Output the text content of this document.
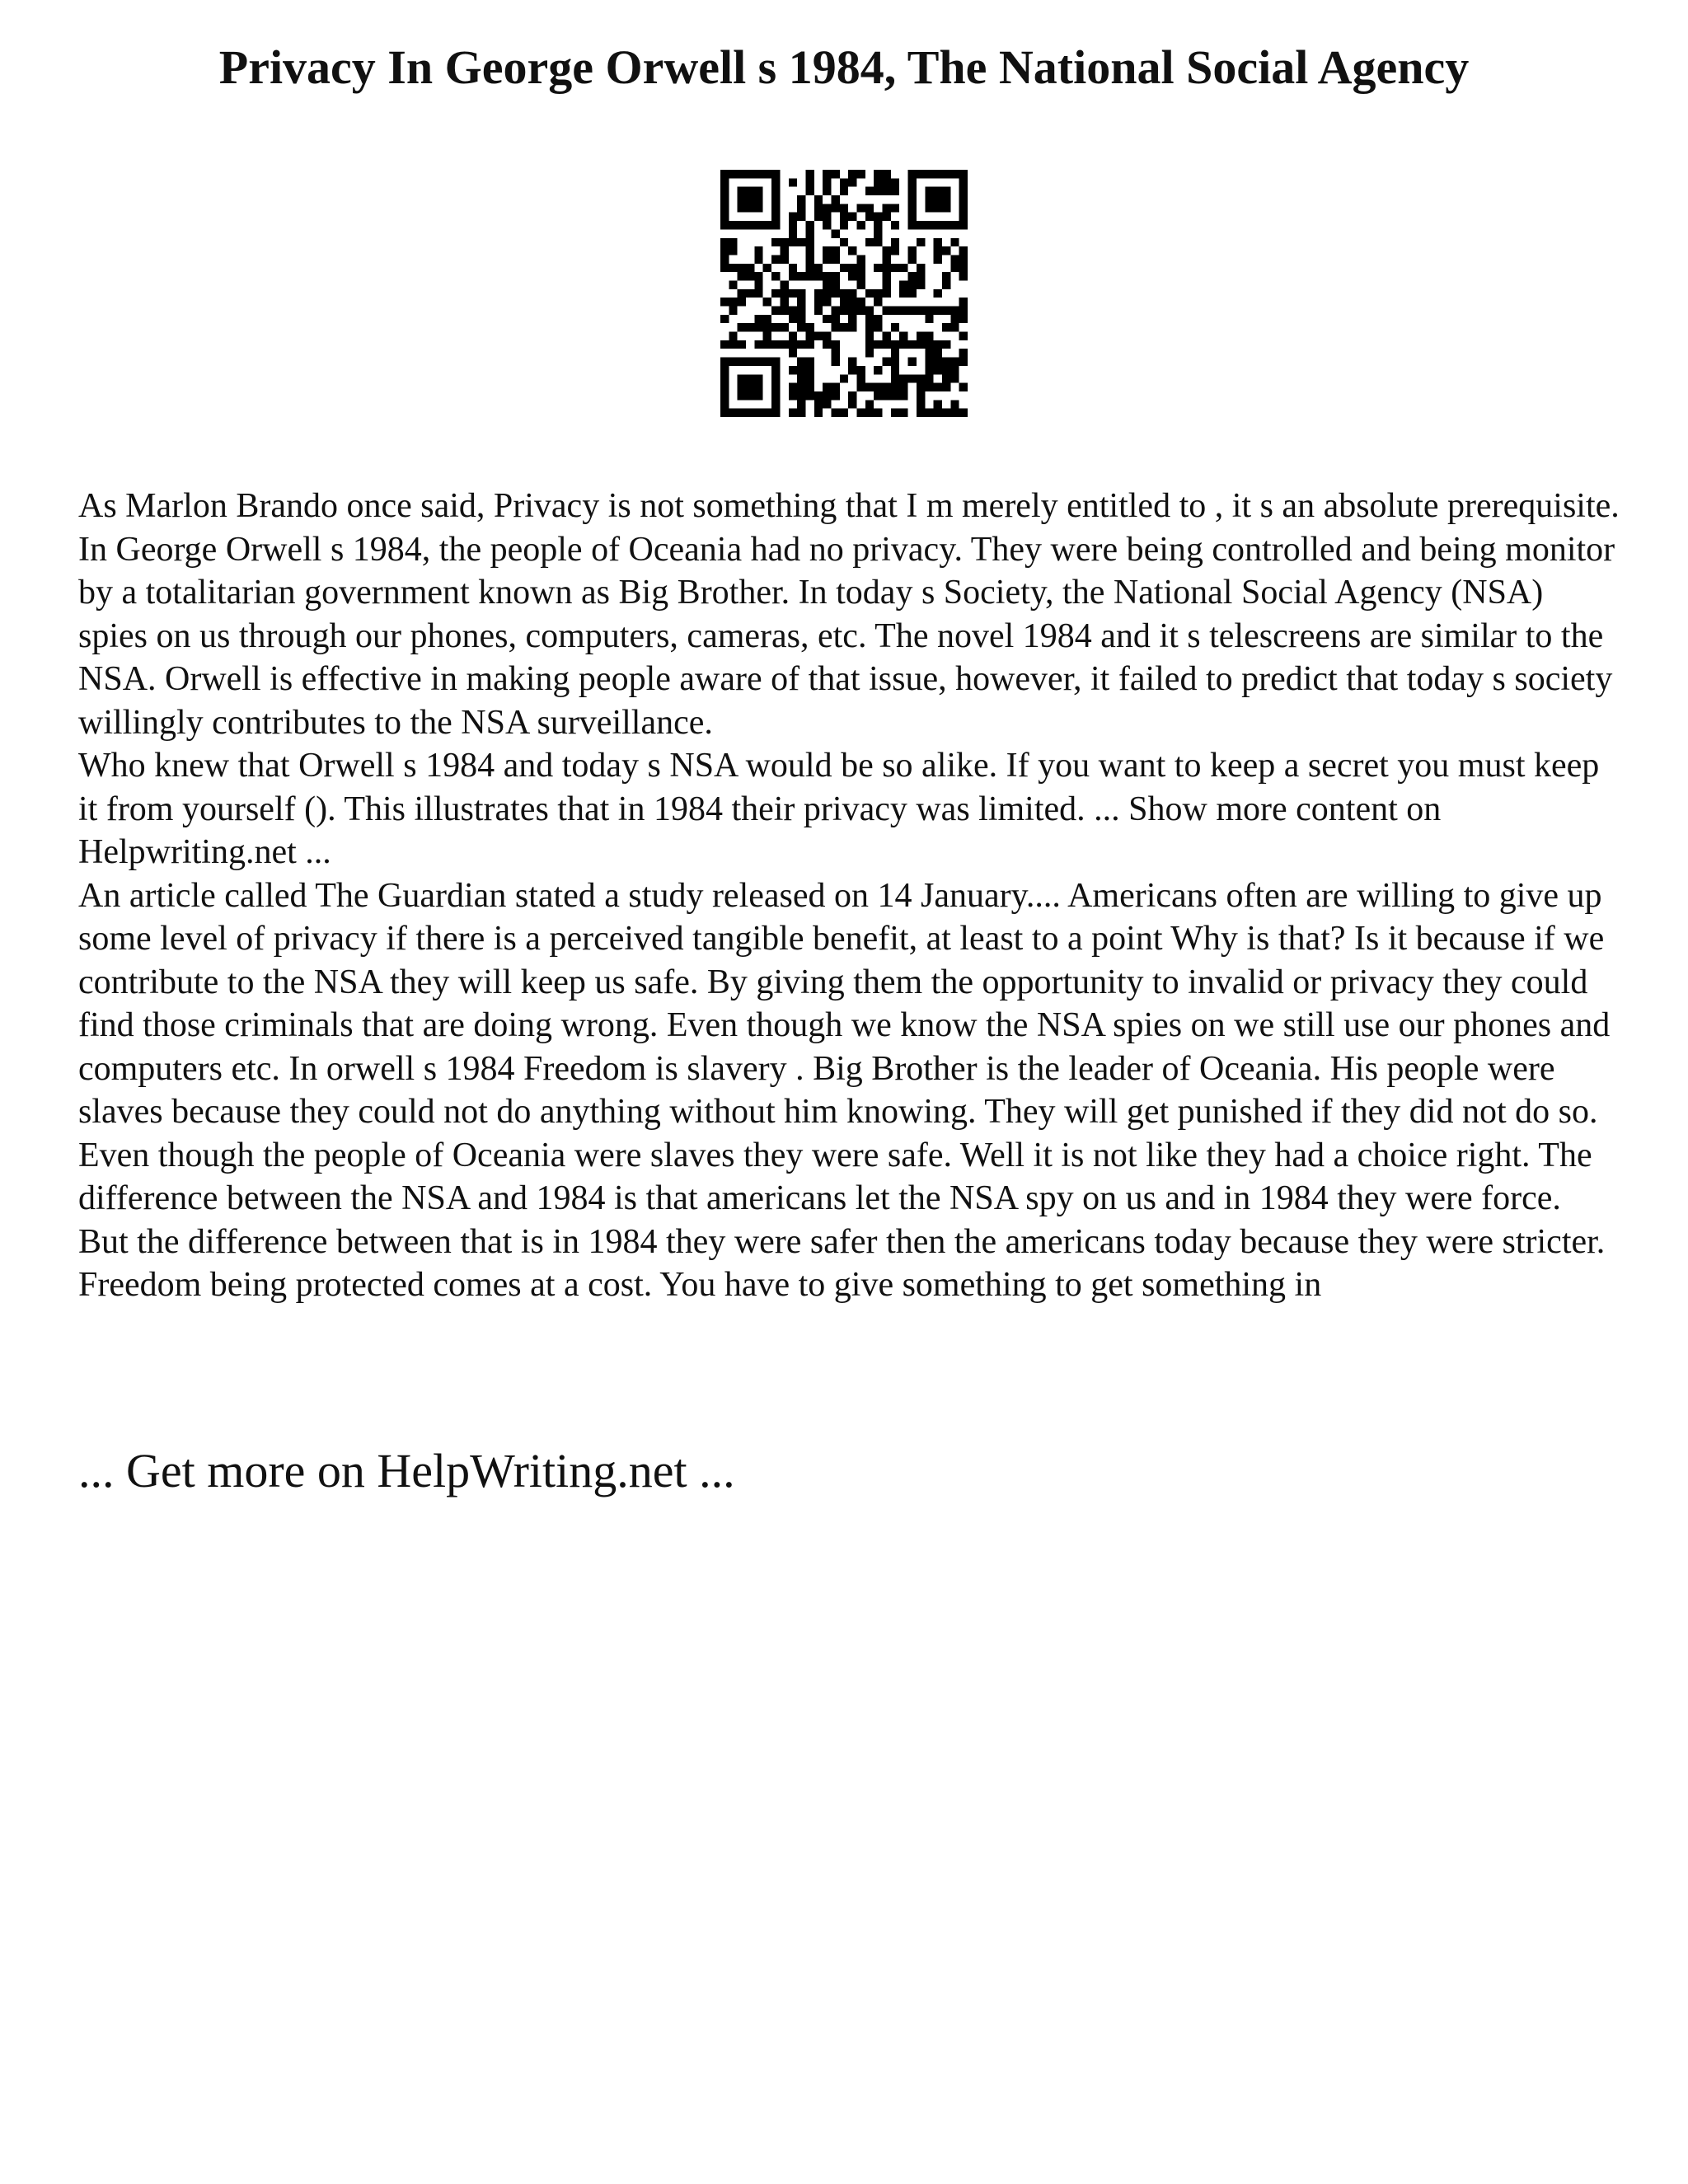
Privacy In George Orwell s 1984, The National Social Agency

As Marlon Brando once said, Privacy is not something that I m merely entitled to , it s an absolute prerequisite. In George Orwell s 1984, the people of Oceania had no privacy. They were being controlled and being monitor by a totalitarian government known as Big Brother. In today s Society, the National Social Agency (NSA) spies on us through our phones, computers, cameras, etc. The novel 1984 and it s telescreens are similar to the NSA. Orwell is effective in making people aware of that issue, however, it failed to predict that today s society willingly contributes to the NSA surveillance.

Who knew that Orwell s 1984 and today s NSA would be so alike. If you want to keep a secret you must keep it from yourself (). This illustrates that in 1984 their privacy was limited. ... Show more content on Helpwriting.net ...

An article called The Guardian stated a study released on 14 January.... Americans often are willing to give up some level of privacy if there is a perceived tangible benefit, at least to a point Why is that? Is it because if we contribute to the NSA they will keep us safe. By giving them the opportunity to invalid or privacy they could find those criminals that are doing wrong. Even though we know the NSA spies on we still use our phones and computers etc. In orwell s 1984 Freedom is slavery . Big Brother is the leader of Oceania. His people were slaves because they could not do anything without him knowing. They will get punished if they did not do so. Even though the people of Oceania were slaves they were safe. Well it is not like they had a choice right. The difference between the NSA and 1984 is that americans let the NSA spy on us and in 1984 they were force. But the difference between that is in 1984 they were safer then the americans today because they were stricter. Freedom being protected comes at a cost. You have to give something to get something in

... Get more on HelpWriting.net ...
